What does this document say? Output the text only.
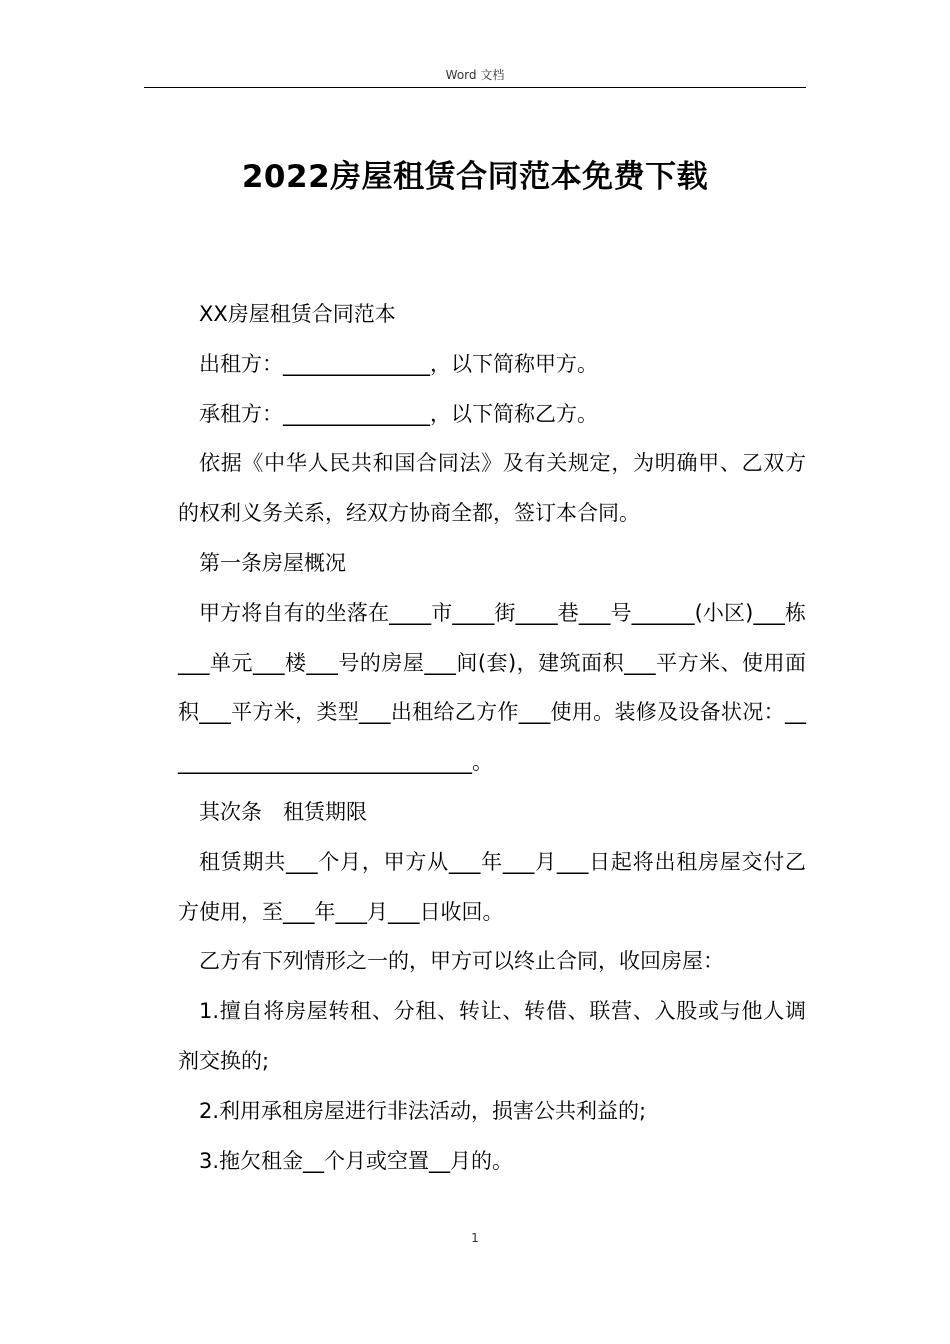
Word 文档
2022房屋租赁合同范本免费下载

XX房屋租赁合同范本

出租方：______________，以下简称甲方。

承租方：______________，以下简称乙方。

依据《中华人民共和国合同法》及有关规定，为明确甲、乙双方的权利义务关系，经双方协商全都，签订本合同。

第一条房屋概况

甲方将自有的坐落在____市____街____巷___号______(小区)___栋___单元___楼___号的房屋___间(套)，建筑面积___平方米、使用面积___平方米，类型___出租给乙方作___使用。装修及设备状况：______________________________。

其次条　租赁期限

租赁期共___个月，甲方从___年___月___日起将出租房屋交付乙方使用，至___年___月___日收回。

乙方有下列情形之一的，甲方可以终止合同，收回房屋：

1.擅自将房屋转租、分租、转让、转借、联营、入股或与他人调剂交换的;

2.利用承租房屋进行非法活动，损害公共利益的;

3.拖欠租金__个月或空置__月的。

1
